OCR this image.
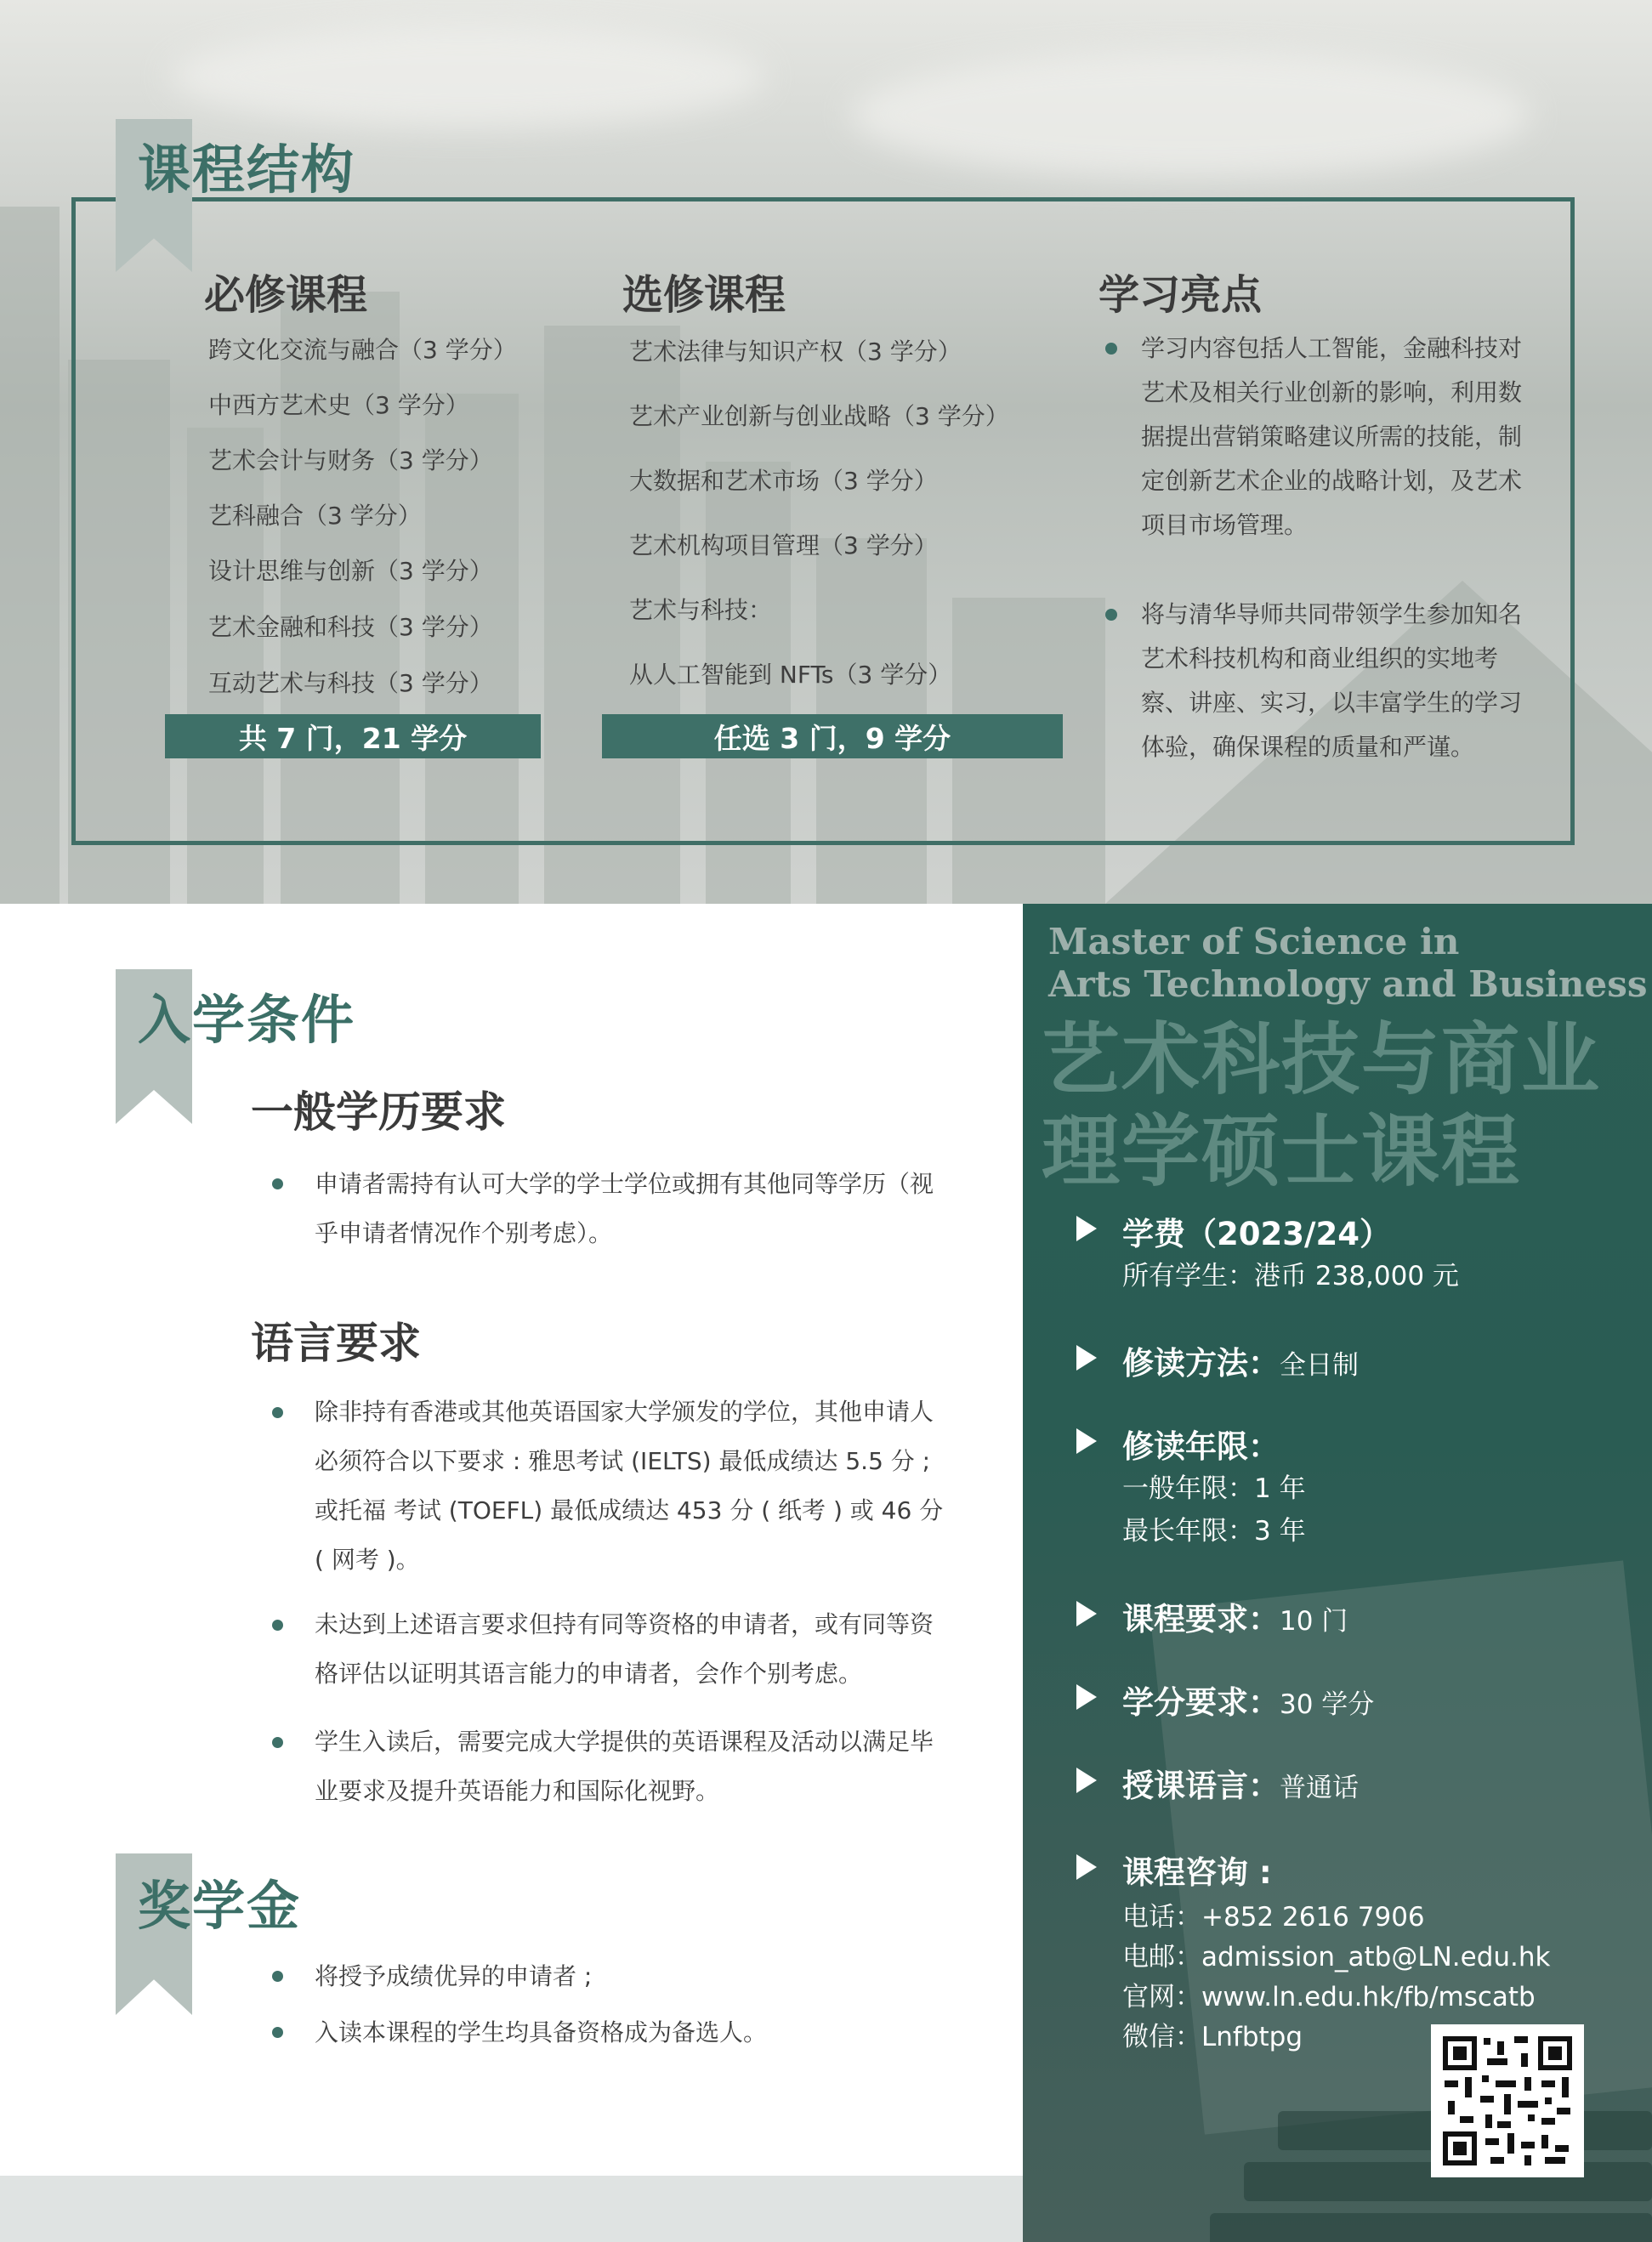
课程结构
必修课程
跨文化交流与融合（3 学分）
中西方艺术史（3 学分）
艺术会计与财务（3 学分）
艺科融合（3 学分）
设计思维与创新（3 学分）
艺术金融和科技（3 学分）
互动艺术与科技（3 学分）
共 7 门，21 学分
选修课程
艺术法律与知识产权（3 学分）
艺术产业创新与创业战略（3 学分）
大数据和艺术市场（3 学分）
艺术机构项目管理（3 学分）
艺术与科技：
从人工智能到 NFTs（3 学分）
任选 3 门，9 学分
学习亮点

学习内容包括人工智能，金融科技对艺术及相关行业创新的影响，利用数据提出营销策略建议所需的技能，制定创新艺术企业的战略计划，及艺术项目市场管理。

将与清华导师共同带领学生参加知名艺术科技机构和商业组织的实地考察、讲座、实习，以丰富学生的学习体验，确保课程的质量和严谨。

入学条件
一般学历要求

申请者需持有认可大学的学士学位或拥有其他同等学历（视乎申请者情况作个别考虑）。

语言要求

除非持有香港或其他英语国家大学颁发的学位，其他申请人必须符合以下要求 : 雅思考试 (IELTS) 最低成绩达 5.5 分 ; 或托福 考试 (TOEFL) 最低成绩达 453 分 ( 纸考 ) 或 46 分 ( 网考 )。

未达到上述语言要求但持有同等资格的申请者，或有同等资格评估以证明其语言能力的申请者，会作个别考虑。

学生入读后，需要完成大学提供的英语课程及活动以满足毕业要求及提升英语能力和国际化视野。

奖学金

将授予成绩优异的申请者 ;

入读本课程的学生均具备资格成为备选人。

Master of Science in
Arts Technology and Business
艺术科技与商业
理学硕士课程
学费（2023/24）
所有学生：港币 238,000 元
修读方法：全日制
修读年限：
一般年限：1 年
最长年限：3 年
课程要求：10 门
学分要求：30 学分
授课语言：普通话
课程咨询 :
电话：+852 2616 7906
电邮：admission_atb@LN.edu.hk
官网：www.ln.edu.hk/fb/mscatb
微信：Lnfbtpg
